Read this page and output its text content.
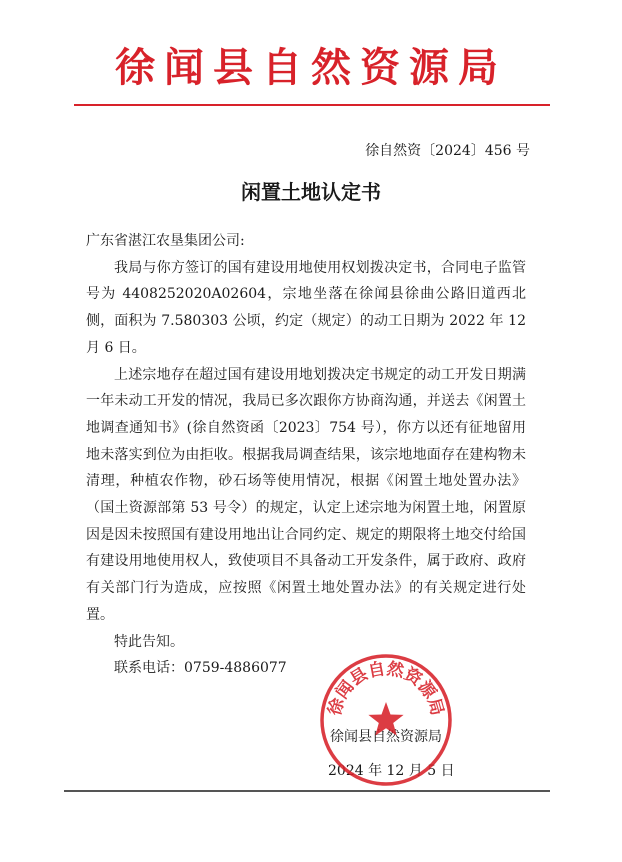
徐闻县自然资源局
徐自然资〔2024〕456 号
闲置土地认定书

广东省湛江农垦集团公司:

我局与你方签订的国有建设用地使用权划拨决定书，合同电子监管号为 4408252020A02604，宗地坐落在徐闻县徐曲公路旧道西北侧，面积为 7.580303 公顷，约定（规定）的动工日期为 2022 年 12 月 6 日。

上述宗地存在超过国有建设用地划拨决定书规定的动工开发日期满一年未动工开发的情况，我局已多次跟你方协商沟通，并送去《闲置土地调查通知书》(徐自然资函〔2023〕754 号），你方以还有征地留用地未落实到位为由拒收。根据我局调查结果，该宗地地面存在建构物未清理，种植农作物，砂石场等使用情况，根据《闲置土地处置办法》（国土资源部第 53 号令）的规定，认定上述宗地为闲置土地，闲置原因是因未按照国有建设用地出让合同约定、规定的期限将土地交付给国有建设用地使用权人，致使项目不具备动工开发条件，属于政府、政府有关部门行为造成，应按照《闲置土地处置办法》的有关规定进行处置。

特此告知。

联系电话：0759-4886077

徐闻县自然资源局
2024 年 12 月 5 日
徐闻县自然资源局
